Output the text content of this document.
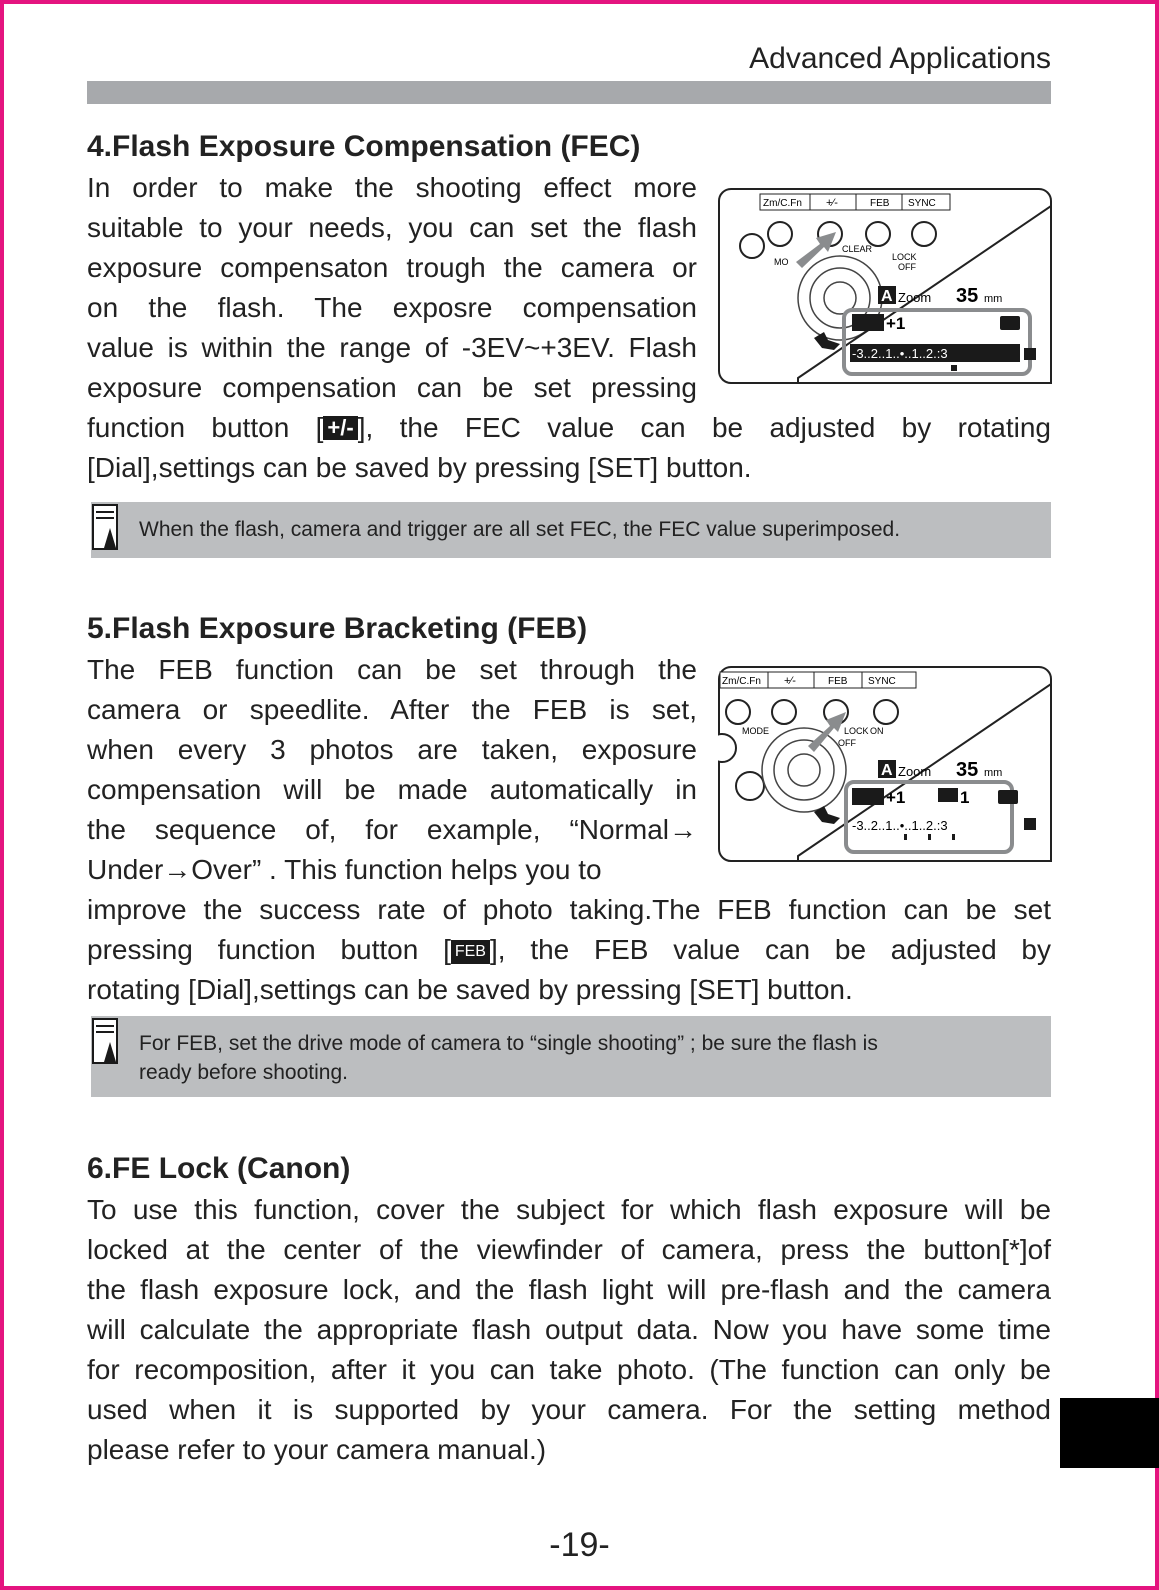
Advanced Applications
4.Flash Exposure Compensation (FEC)
In order to make the shooting effect more
suitable to your needs, you can set the flash
exposure compensaton trough the camera or
on the flash. The exposre compensation
value is within the range of -3EV~+3EV. Flash
exposure compensation can be set pressing
function button [ +/- ], the FEC value can be adjusted by rotating
[Dial],settings can be saved by pressing [SET] button.
Zm/C.Fn +⁄-	FEB SYNC
CLEAR
LOCK
OFF
MO
A Zoom 35 mm
+1
-3..2..1..•..1..2.:3
When the flash, camera and trigger are all set FEC, the FEC value superimposed.
5.Flash Exposure Bracketing (FEB)
The FEB function can be set through the
camera or speedlite. After the FEB is set,
when every 3 photos are taken, exposure
compensation will be made automatically in
the sequence of, for example, “Normal→
Under→Over” . This function helps you to
improve the success rate of photo taking.The FEB function can be set
pressing function button [ FEB ], the FEB value can be adjusted by
rotating [Dial],settings can be saved by pressing [SET] button.
Zm/C.Fn +⁄-	FEB SYNC
MODE	LOCK ON
OFF
A Zoom 35 mm
+1	1
-3..2..1..•..1..2.:3
For FEB, set the drive mode of camera to “single shooting” ; be sure the flash is
ready before shooting.
6.FE Lock (Canon)
To use this function, cover the subject for which flash exposure will be
locked at the center of the viewfinder of camera, press the button[*]of
the flash exposure lock, and the flash light will pre-flash and the camera
will calculate the appropriate flash output data. Now you have some time
for recomposition, after it you can take photo. (The function can only be
used when it is supported by your camera. For the setting method
please refer to your camera manual.)
-19-
